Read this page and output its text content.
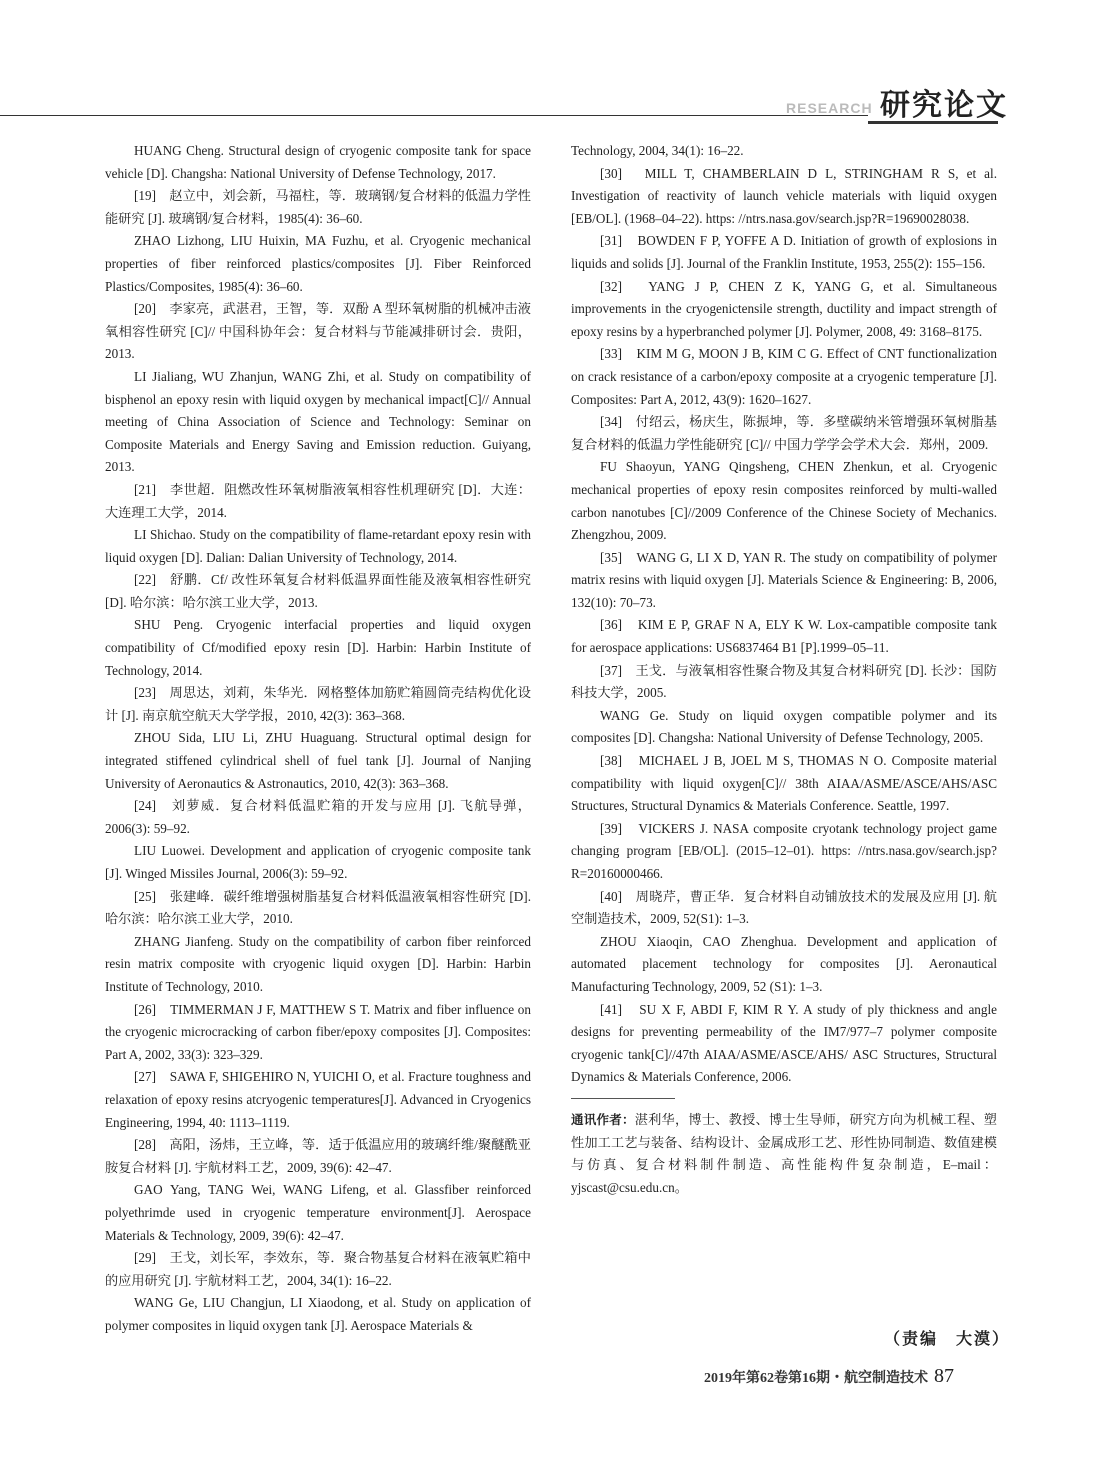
RESEARCH 研究论文

HUANG Cheng. Structural design of cryogenic composite tank for space vehicle [D]. Changsha: National University of Defense Technology, 2017.

[19]　赵立中，刘会新，马福柱，等．玻璃钢/复合材料的低温力学性能研究 [J]. 玻璃钢/复合材料，1985(4): 36–60.

ZHAO Lizhong, LIU Huixin, MA Fuzhu, et al. Cryogenic mechanical properties of fiber reinforced plastics/composites [J]. Fiber Reinforced Plastics/Composites, 1985(4): 36–60.

[20]　李家亮，武湛君，王智，等．双酚 A 型环氧树脂的机械冲击液氧相容性研究 [C]// 中国科协年会：复合材料与节能减排研讨会．贵阳，2013.

LI Jialiang, WU Zhanjun, WANG Zhi, et al. Study on compatibility of bisphenol an epoxy resin with liquid oxygen by mechanical impact[C]// Annual meeting of China Association of Science and Technology: Seminar on Composite Materials and Energy Saving and Emission reduction. Guiyang, 2013.

[21]　李世超．阻燃改性环氧树脂液氧相容性机理研究 [D]．大连：大连理工大学，2014.

LI Shichao. Study on the compatibility of flame-retardant epoxy resin with liquid oxygen [D]. Dalian: Dalian University of Technology, 2014.

[22]　舒鹏．Cf/ 改性环氧复合材料低温界面性能及液氧相容性研究 [D]. 哈尔滨：哈尔滨工业大学，2013.

SHU Peng. Cryogenic interfacial properties and liquid oxygen compatibility of Cf/modified epoxy resin [D]. Harbin: Harbin Institute of Technology, 2014.

[23]　周思达，刘莉，朱华光．网格整体加筋贮箱圆筒壳结构优化设计 [J]. 南京航空航天大学学报，2010, 42(3): 363–368.

ZHOU Sida, LIU Li, ZHU Huaguang. Structural optimal design for integrated stiffened cylindrical shell of fuel tank [J]. Journal of Nanjing University of Aeronautics & Astronautics, 2010, 42(3): 363–368.

[24]　刘萝威．复合材料低温贮箱的开发与应用 [J]. 飞航导弹，2006(3): 59–92.

LIU Luowei. Development and application of cryogenic composite tank [J]. Winged Missiles Journal, 2006(3): 59–92.

[25]　张建峰．碳纤维增强树脂基复合材料低温液氧相容性研究 [D]. 哈尔滨：哈尔滨工业大学，2010.

ZHANG Jianfeng. Study on the compatibility of carbon fiber reinforced resin matrix composite with cryogenic liquid oxygen [D]. Harbin: Harbin Institute of Technology, 2010.

[26]　TIMMERMAN J F, MATTHEW S T. Matrix and fiber influence on the cryogenic microcracking of carbon fiber/epoxy composites [J]. Composites: Part A, 2002, 33(3): 323–329.

[27]　SAWA F, SHIGEHIRO N, YUICHI O, et al. Fracture toughness and relaxation of epoxy resins atcryogenic temperatures[J]. Advanced in Cryogenics Engineering, 1994, 40: 1113–1119.

[28]　高阳，汤炜，王立峰，等．适于低温应用的玻璃纤维/聚醚酰亚胺复合材料 [J]. 宇航材料工艺，2009, 39(6): 42–47.

GAO Yang, TANG Wei, WANG Lifeng, et al. Glassfiber reinforced polyethrimde used in cryogenic temperature environment[J]. Aerospace Materials & Technology, 2009, 39(6): 42–47.

[29]　王戈，刘长军，李效东，等．聚合物基复合材料在液氧贮箱中的应用研究 [J]. 宇航材料工艺，2004, 34(1): 16–22.

WANG Ge, LIU Changjun, LI Xiaodong, et al. Study on application of polymer composites in liquid oxygen tank [J]. Aerospace Materials &

Technology, 2004, 34(1): 16–22.

[30]　MILL T, CHAMBERLAIN D L, STRINGHAM R S, et al. Investigation of reactivity of launch vehicle materials with liquid oxygen [EB/OL]. (1968–04–22). https: //ntrs.nasa.gov/search.jsp?R=19690028038.

[31]　BOWDEN F P, YOFFE A D. Initiation of growth of explosions in liquids and solids [J]. Journal of the Franklin Institute, 1953, 255(2): 155–156.

[32]　YANG J P, CHEN Z K, YANG G, et al. Simultaneous improvements in the cryogenictensile strength, ductility and impact strength of epoxy resins by a hyperbranched polymer [J]. Polymer, 2008, 49: 3168–8175.

[33]　KIM M G, MOON J B, KIM C G. Effect of CNT functionalization on crack resistance of a carbon/epoxy composite at a cryogenic temperature [J]. Composites: Part A, 2012, 43(9): 1620–1627.

[34]　付绍云，杨庆生，陈振坤，等．多壁碳纳米管增强环氧树脂基复合材料的低温力学性能研究 [C]// 中国力学学会学术大会．郑州，2009.

FU Shaoyun, YANG Qingsheng, CHEN Zhenkun, et al. Cryogenic mechanical properties of epoxy resin composites reinforced by multi-walled carbon nanotubes [C]//2009 Conference of the Chinese Society of Mechanics. Zhengzhou, 2009.

[35]　WANG G, LI X D, YAN R. The study on compatibility of polymer matrix resins with liquid oxygen [J]. Materials Science & Engineering: B, 2006, 132(10): 70–73.

[36]　KIM E P, GRAF N A, ELY K W. Lox-campatible composite tank for aerospace applications: US6837464 B1 [P].1999–05–11.

[37]　王戈．与液氧相容性聚合物及其复合材料研究 [D]. 长沙：国防科技大学，2005.

WANG Ge. Study on liquid oxygen compatible polymer and its composites [D]. Changsha: National University of Defense Technology, 2005.

[38]　MICHAEL J B, JOEL M S, THOMAS N O. Composite material compatibility with liquid oxygen[C]// 38th AIAA/ASME/ASCE/AHS/ASC Structures, Structural Dynamics & Materials Conference. Seattle, 1997.

[39]　VICKERS J. NASA composite cryotank technology project game changing program [EB/OL]. (2015–12–01). https: //ntrs.nasa.gov/search.jsp?R=20160000466.

[40]　周晓芹，曹正华．复合材料自动铺放技术的发展及应用 [J]. 航空制造技术，2009, 52(S1): 1–3.

ZHOU Xiaoqin, CAO Zhenghua. Development and application of automated placement technology for composites [J]. Aeronautical Manufacturing Technology, 2009, 52 (S1): 1–3.

[41]　SU X F, ABDI F, KIM R Y. A study of ply thickness and angle designs for preventing permeability of the IM7/977–7 polymer composite cryogenic tank[C]//47th AIAA/ASME/ASCE/AHS/ ASC Structures, Structural Dynamics & Materials Conference, 2006.

通讯作者：湛利华，博士、教授、博士生导师，研究方向为机械工程、塑性加工工艺与装备、结构设计、金属成形工艺、形性协同制造、数值建模与仿真、复合材料制件制造、高性能构件复杂制造，E–mail：yjscast@csu.edu.cn。
（责编　大漠）
2019年第62卷第16期・航空制造技术 87
